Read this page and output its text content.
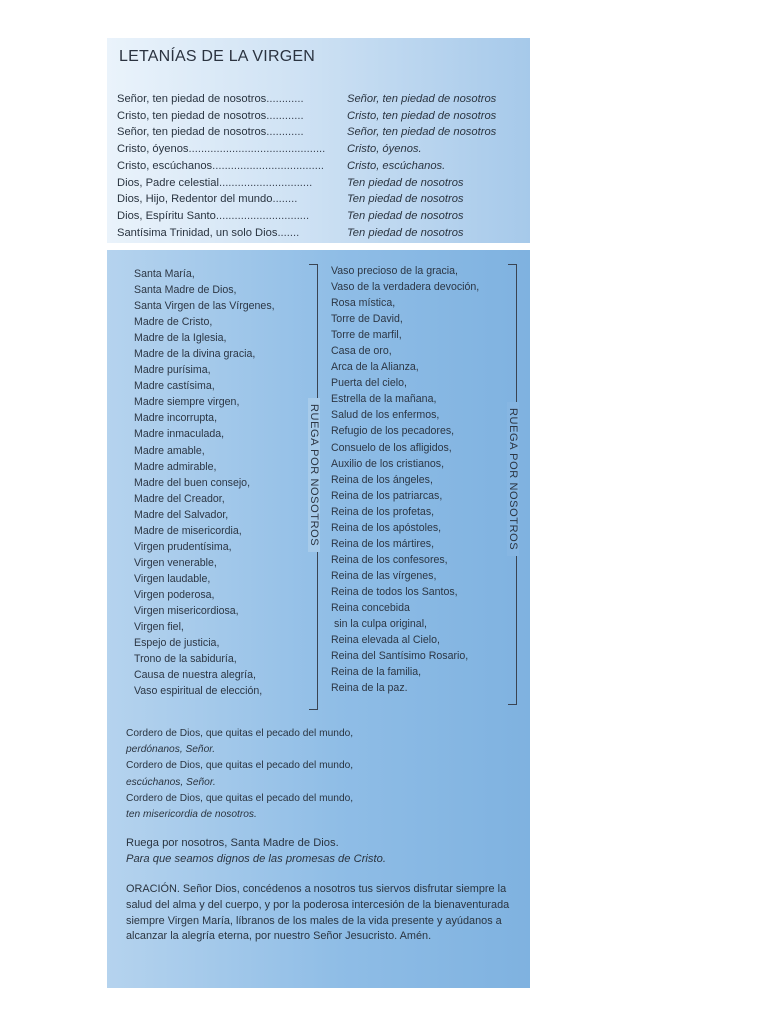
LETANÍAS DE LA VIRGEN
Señor, ten piedad de nosotros............	Señor, ten piedad de nosotros
Cristo, ten piedad de nosotros............	Cristo, ten piedad de nosotros
Señor, ten piedad de nosotros............	Señor, ten piedad de nosotros
Cristo, óyenos............................................	Cristo, óyenos.
Cristo, escúchanos....................................	Cristo, escúchanos.
Dios, Padre celestial..............................	Ten piedad de nosotros
Dios, Hijo, Redentor del mundo........	Ten piedad de nosotros
Dios, Espíritu Santo..............................	Ten piedad de nosotros
Santísima Trinidad, un solo Dios.......	Ten piedad de nosotros
Santa María,
Santa Madre de Dios,
Santa Virgen de las Vírgenes,
Madre de Cristo,
Madre de la Iglesia,
Madre de la divina gracia,
Madre purísima,
Madre castísima,
Madre siempre virgen,
Madre incorrupta,
Madre inmaculada,
Madre amable,
Madre admirable,
Madre del buen consejo,
Madre del Creador,
Madre del Salvador,
Madre de misericordia,
Virgen prudentísima,
Virgen venerable,
Virgen laudable,
Virgen poderosa,
Virgen misericordiosa,
Virgen fiel,
Espejo de justicia,
Trono de la sabiduría,
Causa de nuestra alegría,
Vaso espiritual de elección,
RUEGA POR NOSOTROS
Vaso precioso de la gracia,
Vaso de la verdadera devoción,
Rosa mística,
Torre de David,
Torre de marfil,
Casa de oro,
Arca de la Alianza,
Puerta del cielo,
Estrella de la mañana,
Salud de los enfermos,
Refugio de los pecadores,
Consuelo de los afligidos,
Auxilio de los cristianos,
Reina de los ángeles,
Reina de los patriarcas,
Reina de los profetas,
Reina de los apóstoles,
Reina de los mártires,
Reina de los confesores,
Reina de las vírgenes,
Reina de todos los Santos,
Reina concebida
sin la culpa original,
Reina elevada al Cielo,
Reina del Santísimo Rosario,
Reina de la familia,
Reina de la paz.
RUEGA POR NOSOTROS
Cordero de Dios, que quitas el pecado del mundo,
perdónanos, Señor.
Cordero de Dios, que quitas el pecado del mundo,
escúchanos, Señor.
Cordero de Dios, que quitas el pecado del mundo,
ten misericordia de nosotros.
Ruega por nosotros, Santa Madre de Dios.
Para que seamos dignos de las promesas de Cristo.
ORACIÓN. Señor Dios, concédenos a nosotros tus siervos disfrutar siempre la salud del alma y del cuerpo, y por la poderosa intercesión de la bienaventurada siempre Virgen María, líbranos de los males de la vida presente y ayúdanos a alcanzar la alegría eterna, por nuestro Señor Jesucristo. Amén.
